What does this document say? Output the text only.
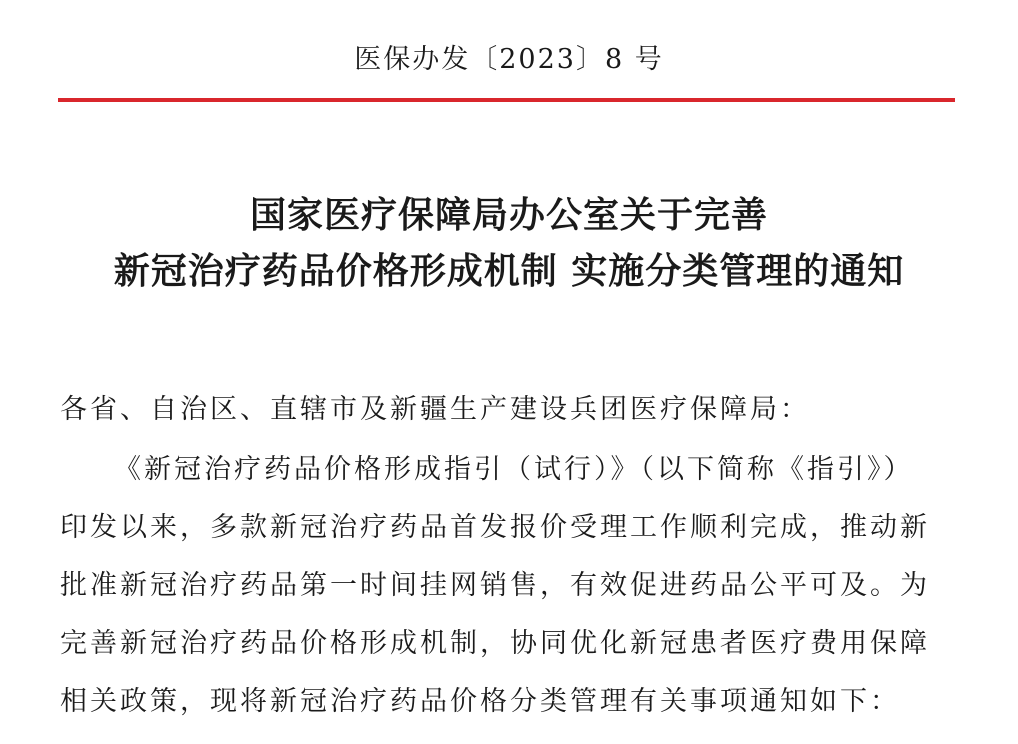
医保办发〔2023〕8 号
国家医疗保障局办公室关于完善
新冠治疗药品价格形成机制 实施分类管理的通知
各省、自治区、直辖市及新疆生产建设兵团医疗保障局：
《新冠治疗药品价格形成指引（试行）》（以下简称《指引》）
印发以来，多款新冠治疗药品首发报价受理工作顺利完成，推动新
批准新冠治疗药品第一时间挂网销售，有效促进药品公平可及。为
完善新冠治疗药品价格形成机制，协同优化新冠患者医疗费用保障
相关政策，现将新冠治疗药品价格分类管理有关事项通知如下：
